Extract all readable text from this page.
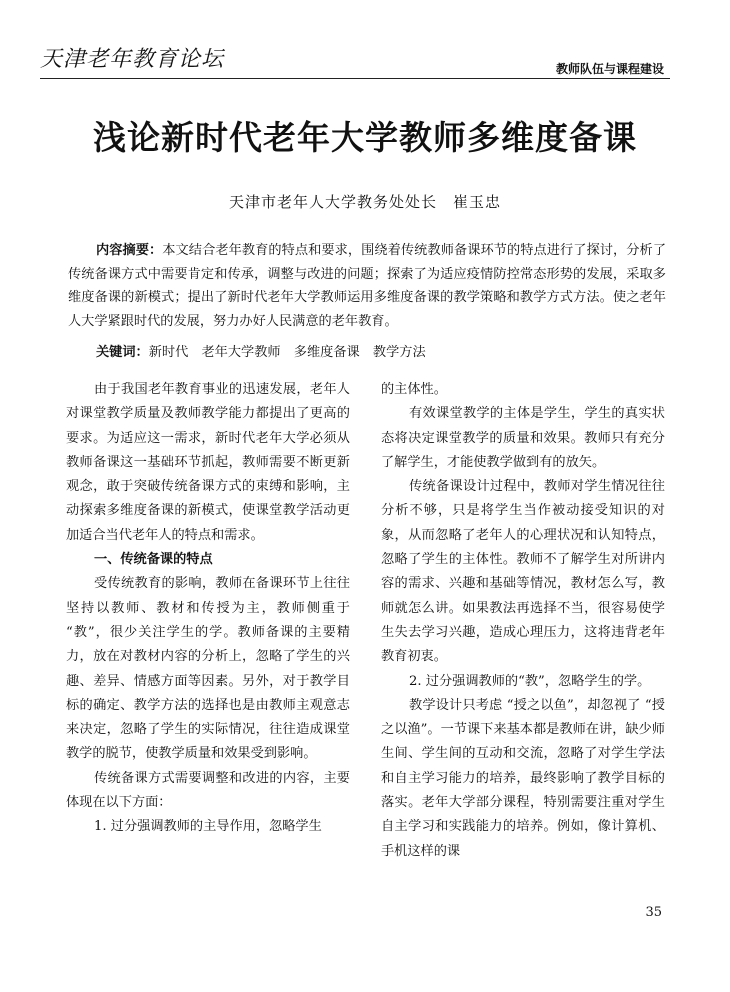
天津老年教育论坛	教师队伍与课程建设
浅论新时代老年大学教师多维度备课
天津市老年人大学教务处处长　崔玉忠
内容摘要：本文结合老年教育的特点和要求，围绕着传统教师备课环节的特点进行了探讨，分析了传统备课方式中需要肯定和传承，调整与改进的问题；探索了为适应疫情防控常态形势的发展，采取多维度备课的新模式；提出了新时代老年大学教师运用多维度备课的教学策略和教学方式方法。使之老年人大学紧跟时代的发展，努力办好人民满意的老年教育。
关键词：新时代　老年大学教师　多维度备课　教学方法

由于我国老年教育事业的迅速发展，老年人对课堂教学质量及教师教学能力都提出了更高的要求。为适应这一需求，新时代老年大学必须从教师备课这一基础环节抓起，教师需要不断更新观念，敢于突破传统备课方式的束缚和影响，主动探索多维度备课的新模式，使课堂教学活动更加适合当代老年人的特点和需求。

一、传统备课的特点

受传统教育的影响，教师在备课环节上往往坚持以教师、教材和传授为主，教师侧重于 “教”，很少关注学生的学。教师备课的主要精力，放在对教材内容的分析上，忽略了学生的兴趣、差异、情感方面等因素。另外，对于教学目标的确定、教学方法的选择也是由教师主观意志来决定，忽略了学生的实际情况，往往造成课堂教学的脱节，使教学质量和效果受到影响。

传统备课方式需要调整和改进的内容，主要体现在以下方面：

1. 过分强调教师的主导作用，忽略学生

的主体性。

有效课堂教学的主体是学生，学生的真实状态将决定课堂教学的质量和效果。教师只有充分了解学生，才能使教学做到有的放矢。

传统备课设计过程中，教师对学生情况往往分析不够，只是将学生当作被动接受知识的对象，从而忽略了老年人的心理状况和认知特点，忽略了学生的主体性。教师不了解学生对所讲内容的需求、兴趣和基础等情况，教材怎么写，教师就怎么讲。如果教法再选择不当，很容易使学生失去学习兴趣，造成心理压力，这将违背老年教育初衷。

2. 过分强调教师的“教”，忽略学生的学。

教学设计只考虑 “授之以鱼”，却忽视了 “授之以渔”。一节课下来基本都是教师在讲，缺少师生间、学生间的互动和交流，忽略了对学生学法和自主学习能力的培养，最终影响了教学目标的落实。老年大学部分课程，特别需要注重对学生自主学习和实践能力的培养。例如，像计算机、手机这样的课

35
